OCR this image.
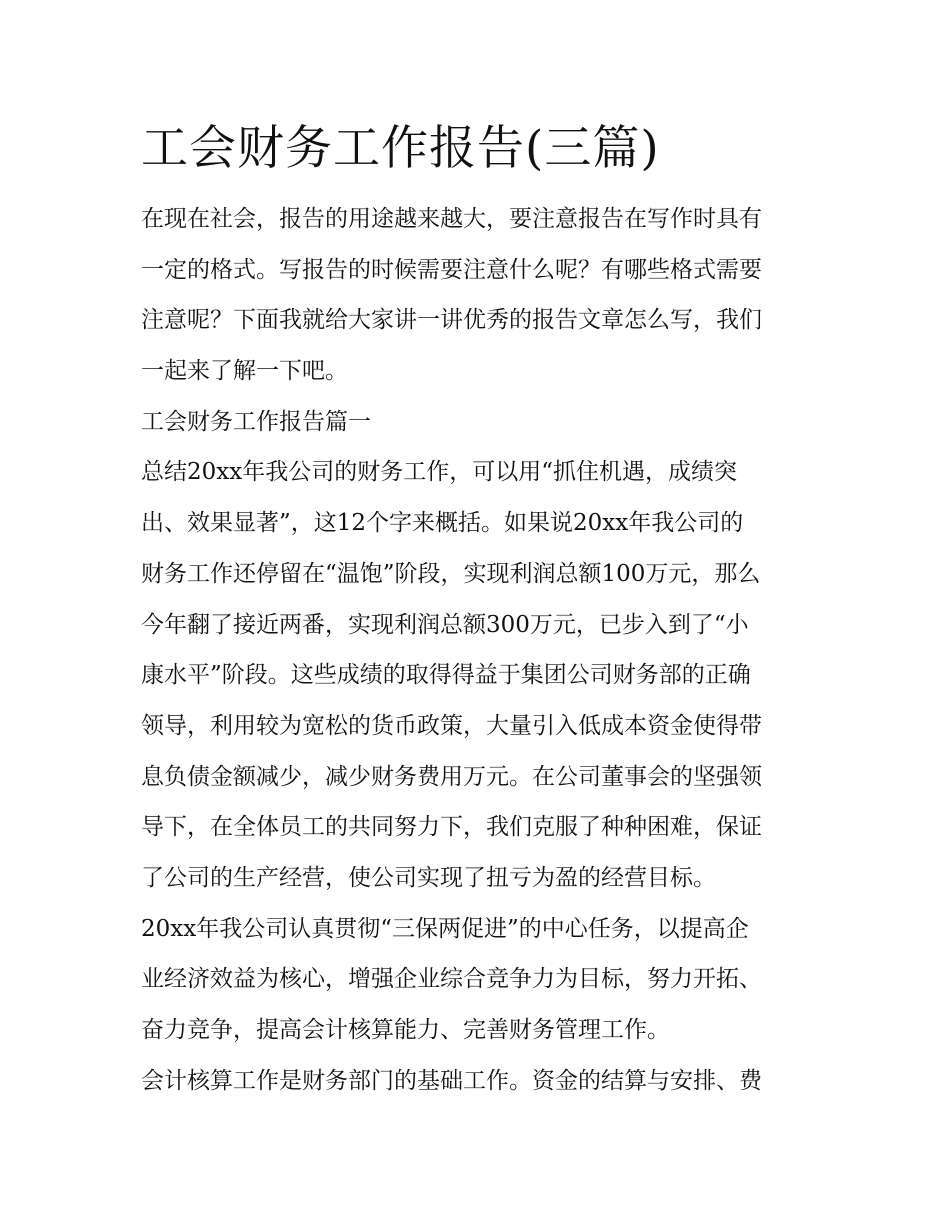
工会财务工作报告(三篇)

在现在社会，报告的用途越来越大，要注意报告在写作时具有

一定的格式。写报告的时候需要注意什么呢？有哪些格式需要

注意呢？下面我就给大家讲一讲优秀的报告文章怎么写，我们

一起来了解一下吧。

工会财务工作报告篇一

总结20xx年我公司的财务工作，可以用“抓住机遇，成绩突

出、效果显著”，这12个字来概括。如果说20xx年我公司的

财务工作还停留在“温饱”阶段，实现利润总额100万元，那么

今年翻了接近两番，实现利润总额300万元，已步入到了“小

康水平”阶段。这些成绩的取得得益于集团公司财务部的正确

领导，利用较为宽松的货币政策，大量引入低成本资金使得带

息负债金额减少，减少财务费用万元。在公司董事会的坚强领

导下，在全体员工的共同努力下，我们克服了种种困难，保证

了公司的生产经营，使公司实现了扭亏为盈的经营目标。

20xx年我公司认真贯彻“三保两促进”的中心任务，以提高企

业经济效益为核心，增强企业综合竞争力为目标，努力开拓、

奋力竞争，提高会计核算能力、完善财务管理工作。

会计核算工作是财务部门的基础工作。资金的结算与安排、费
